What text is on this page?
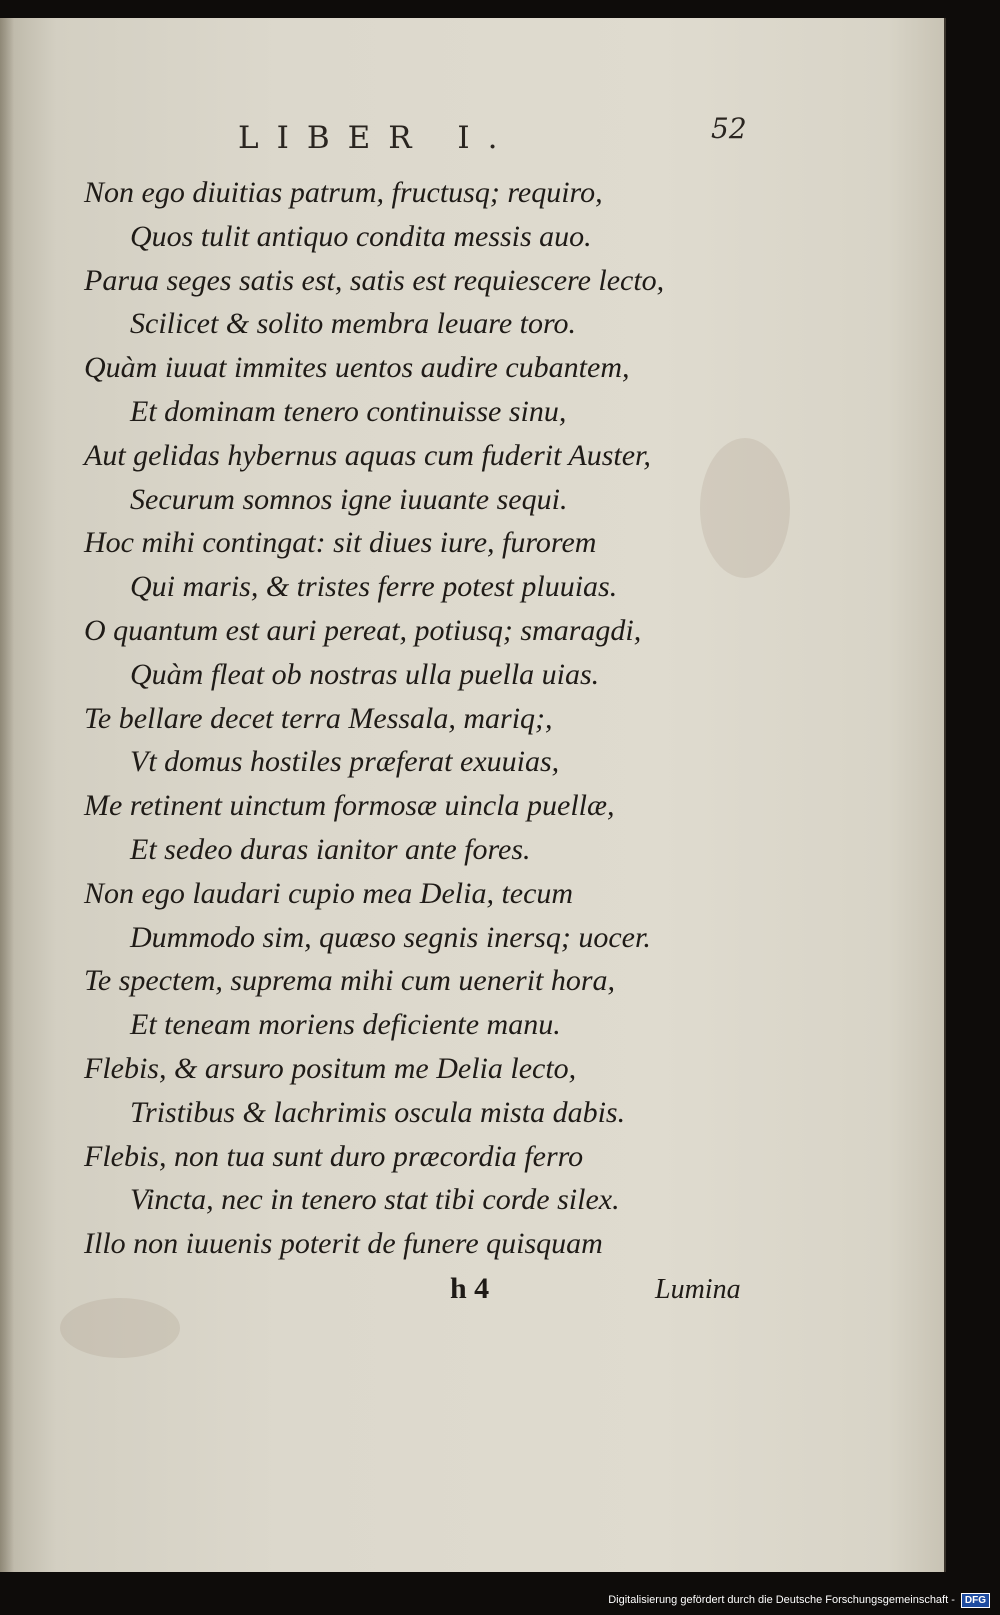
LIBER I.	52
Non ego diuitias patrum, fructusq; requiro,
Quos tulit antiquo condita messis auo.
Parua seges satis est, satis est requiescere lecto,
Scilicet & solito membra leuare toro.
Quàm iuuat immites uentos audire cubantem,
Et dominam tenero continuisse sinu,
Aut gelidas hybernus aquas cum fuderit Auster,
Securum somnos igne iuuante sequi.
Hoc mihi contingat: sit diues iure, furorem
Qui maris, & tristes ferre potest pluuias.
O quantum est auri pereat, potiusq; smaragdi,
Quàm fleat ob nostras ulla puella uias.
Te bellare decet terra Messala, mariq;,
Vt domus hostiles præferat exuuias,
Me retinent uinctum formosæ uincla puellæ,
Et sedeo duras ianitor ante fores.
Non ego laudari cupio mea Delia, tecum
Dummodo sim, quæso segnis inersq; uocer.
Te spectem, suprema mihi cum uenerit hora,
Et teneam moriens deficiente manu.
Flebis, & arsuro positum me Delia lecto,
Tristibus & lachrimis oscula mista dabis.
Flebis, non tua sunt duro præcordia ferro
Vincta, nec in tenero stat tibi corde silex.
Illo non iuuenis poterit de funere quisquam
h 4	Lumina
Digitalisierung gefördert durch die Deutsche Forschungsgemeinschaft -	DFG
